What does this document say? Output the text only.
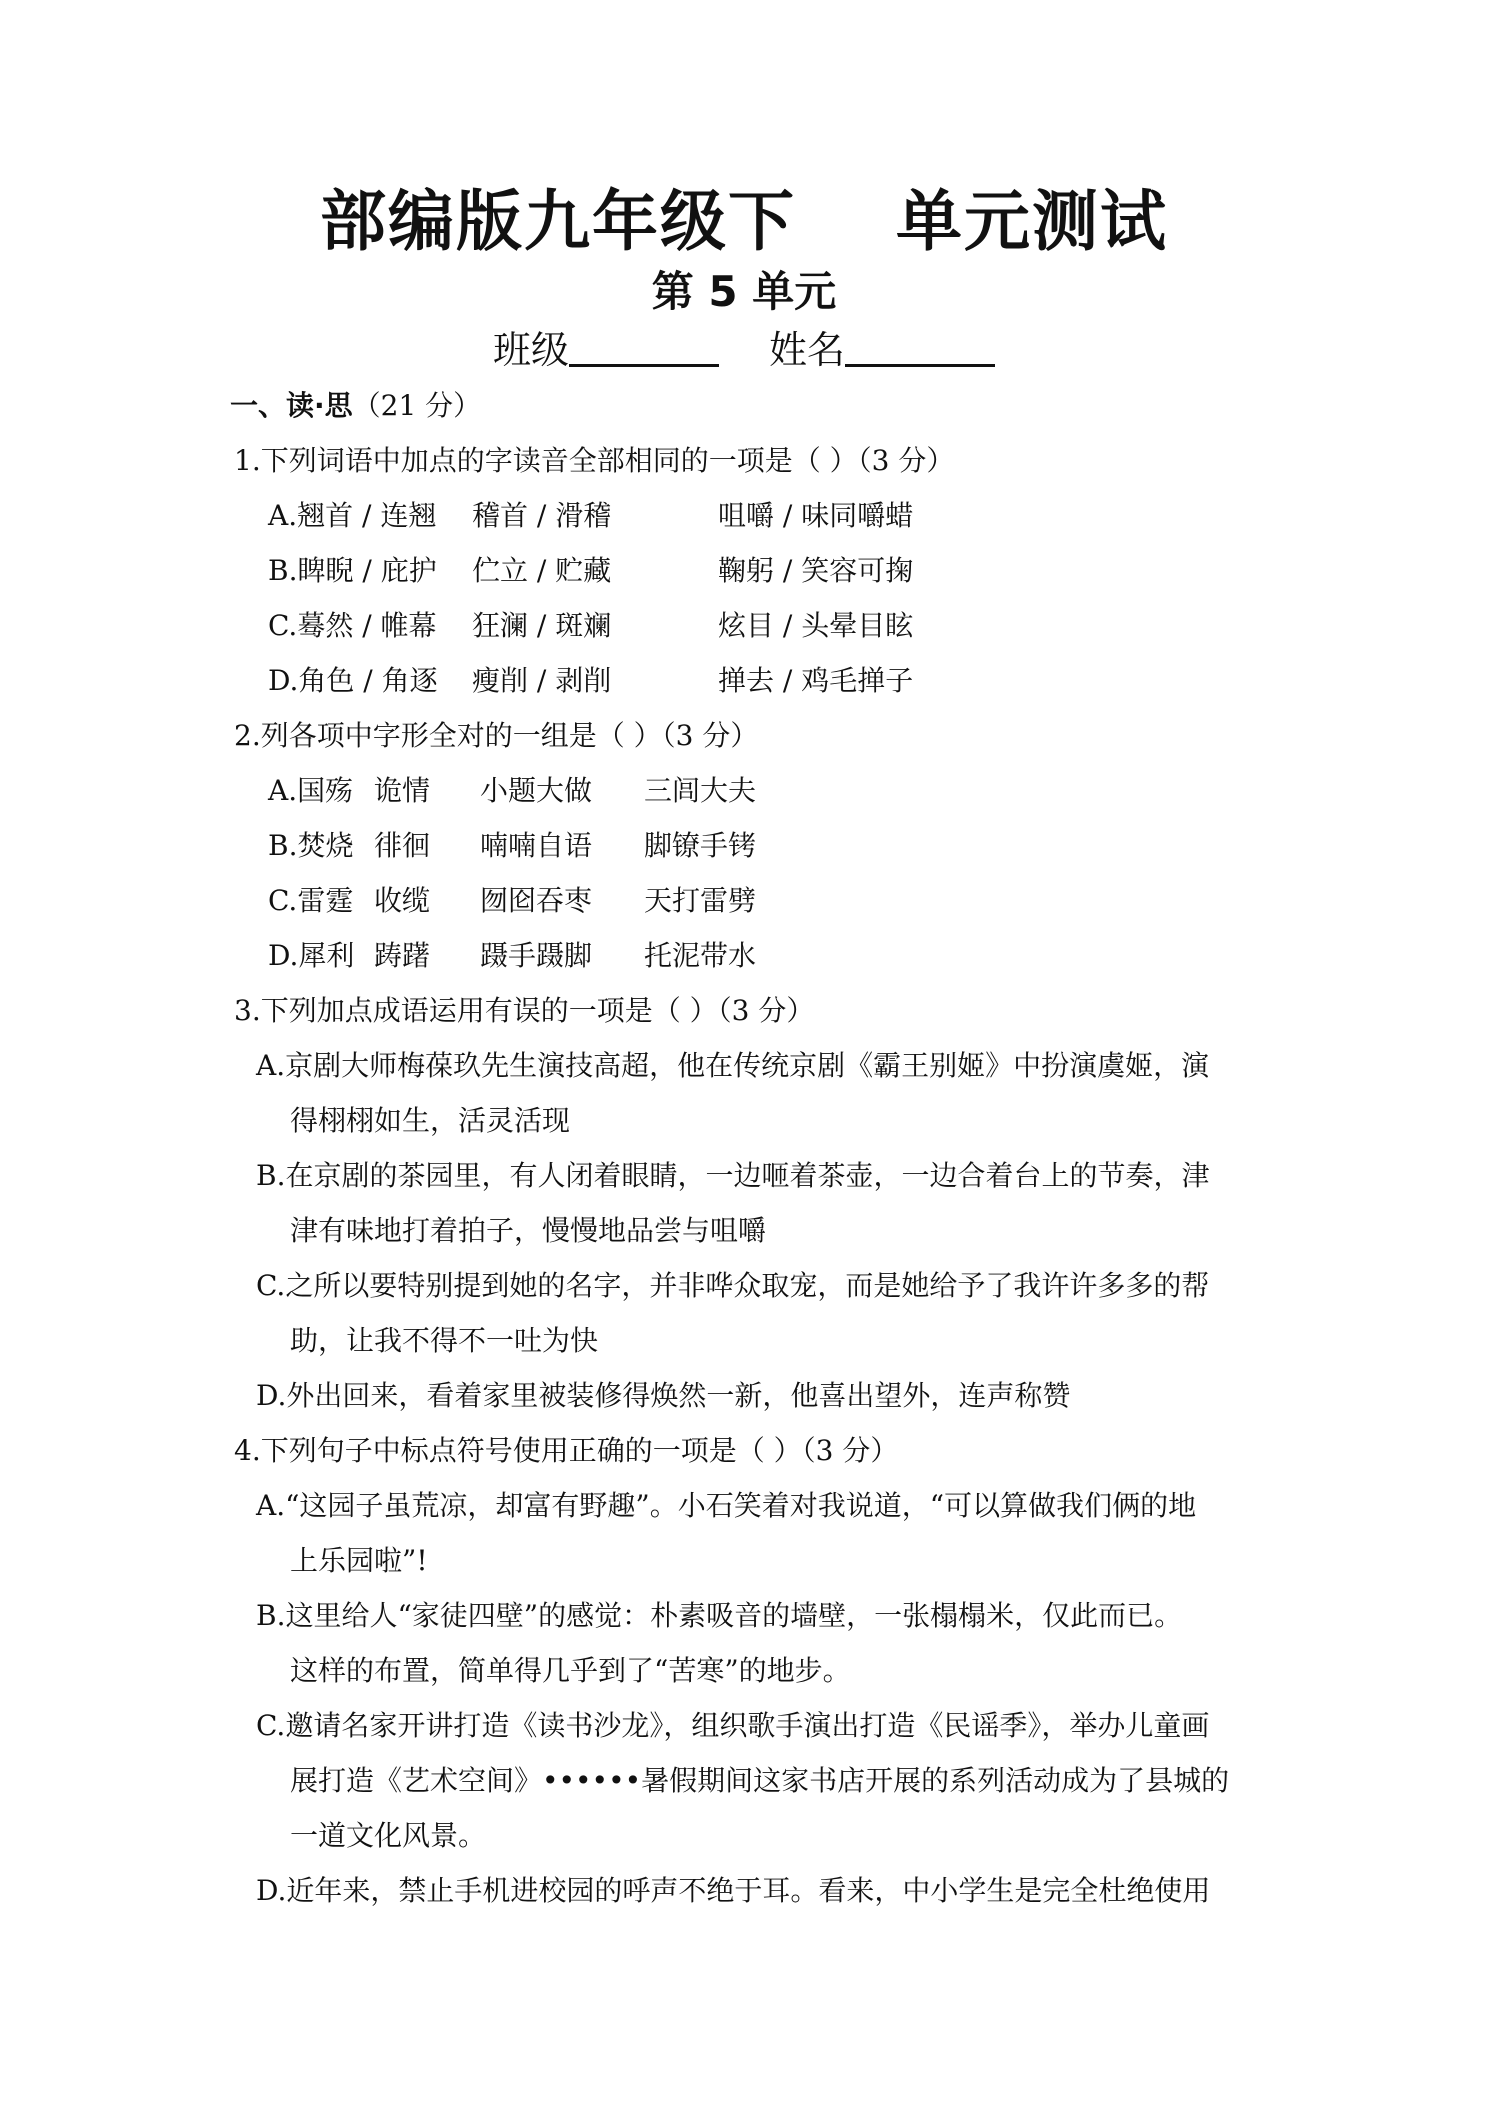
部编版九年级下    单元测试
第 5 单元
班级	姓名
一、读·思（21 分）
1.下列词语中加点的字读音全部相同的一项是（ ）（3 分）
A.翘首 / 连翘 稽首 / 滑稽	咀嚼 / 味同嚼蜡
B.睥睨 / 庇护 伫立 / 贮藏	鞠躬 / 笑容可掬
C.蓦然 / 帷幕 狂澜 / 斑斓	炫目 / 头晕目眩
D.角色 / 角逐 瘦削 / 剥削	掸去 / 鸡毛掸子
2.列各项中字形全对的一组是（ ）（3 分）
A.国殇 诡情 小题大做 三闾大夫
B.焚烧 徘徊 喃喃自语 脚镣手铐
C.雷霆 收缆 囫囵吞枣 天打雷劈
D.犀利 踌躇 蹑手蹑脚 托泥带水
3.下列加点成语运用有误的一项是（ ）（3 分）
A.京剧大师梅葆玖先生演技高超，他在传统京剧《霸王别姬》中扮演虞姬，演
得栩栩如生，活灵活现
B.在京剧的茶园里，有人闭着眼睛，一边咂着茶壶，一边合着台上的节奏，津
津有味地打着拍子，慢慢地品尝与咀嚼
C.之所以要特别提到她的名字，并非哗众取宠，而是她给予了我许许多多的帮
助，让我不得不一吐为快
D.外出回来，看着家里被装修得焕然一新，他喜出望外，连声称赞
4.下列句子中标点符号使用正确的一项是（ ）（3 分）
A.“这园子虽荒凉，却富有野趣”。小石笑着对我说道，“可以算做我们俩的地
上乐园啦”!
B.这里给人“家徒四壁”的感觉：朴素吸音的墙壁，一张榻榻米，仅此而已。
这样的布置，简单得几乎到了“苦寒”的地步。
C.邀请名家开讲打造《读书沙龙》，组织歌手演出打造《民谣季》，举办儿童画
展打造《艺术空间》••••••暑假期间这家书店开展的系列活动成为了县城的
一道文化风景。
D.近年来，禁止手机进校园的呼声不绝于耳。看来，中小学生是完全杜绝使用
